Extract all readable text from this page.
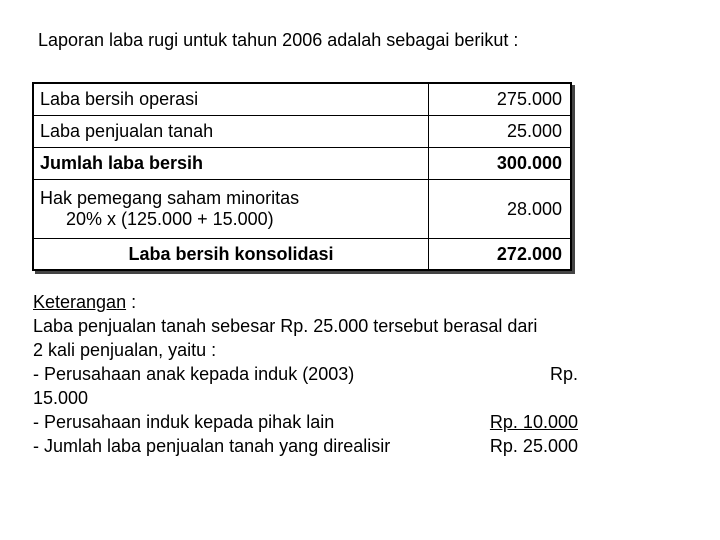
Laporan laba rugi untuk tahun 2006 adalah sebagai berikut :
Laba bersih operasi	275.000
Laba penjualan tanah	25.000
Jumlah laba bersih	300.000

Hak pemegang saham minoritas
20% x (125.000 + 15.000)	28.000
Laba bersih konsolidasi	272.000
Keterangan :
Laba penjualan tanah sebesar Rp. 25.000 tersebut berasal dari
2 kali penjualan, yaitu :
- Perusahaan anak kepada induk (2003)	Rp.
15.000
- Perusahaan induk kepada pihak lain	Rp. 10.000
- Jumlah laba penjualan tanah yang direalisir	Rp. 25.000
